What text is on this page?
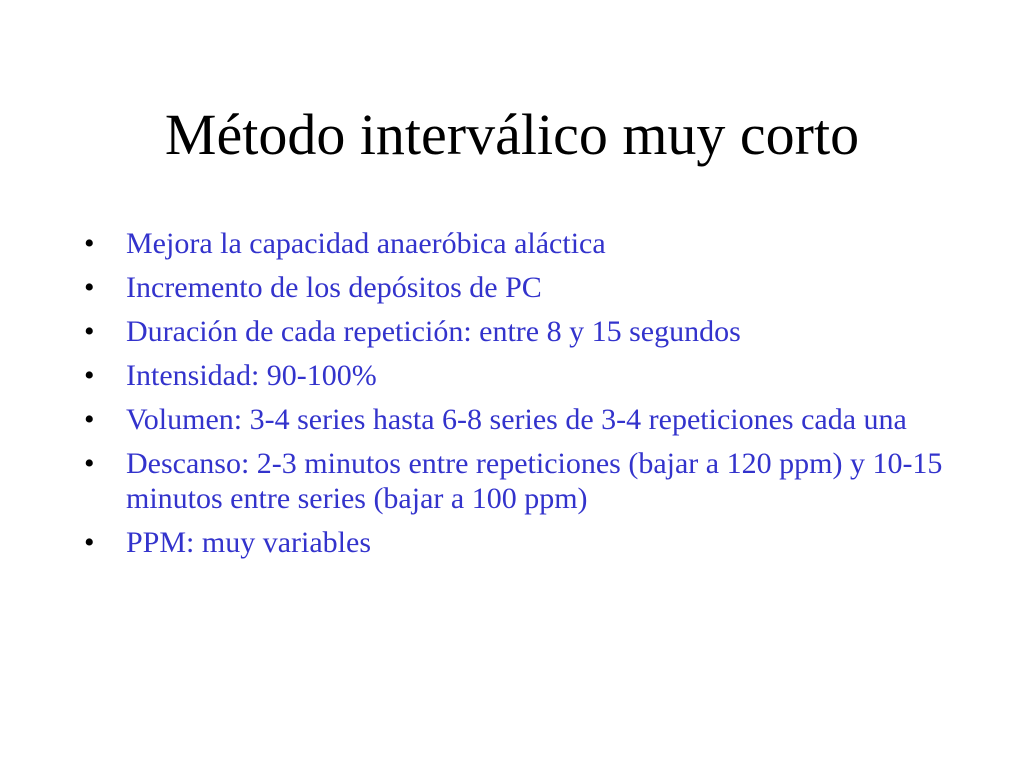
Método interválico muy corto
• Mejora la capacidad anaeróbica aláctica
• Incremento de los depósitos de PC
• Duración de cada repetición: entre 8 y 15 segundos
• Intensidad: 90-100%
• Volumen: 3-4 series hasta 6-8 series de 3-4 repeticiones cada una
• Descanso: 2-3 minutos entre repeticiones (bajar a 120 ppm) y 10-15 minutos entre series (bajar a 100 ppm)
• PPM: muy variables
